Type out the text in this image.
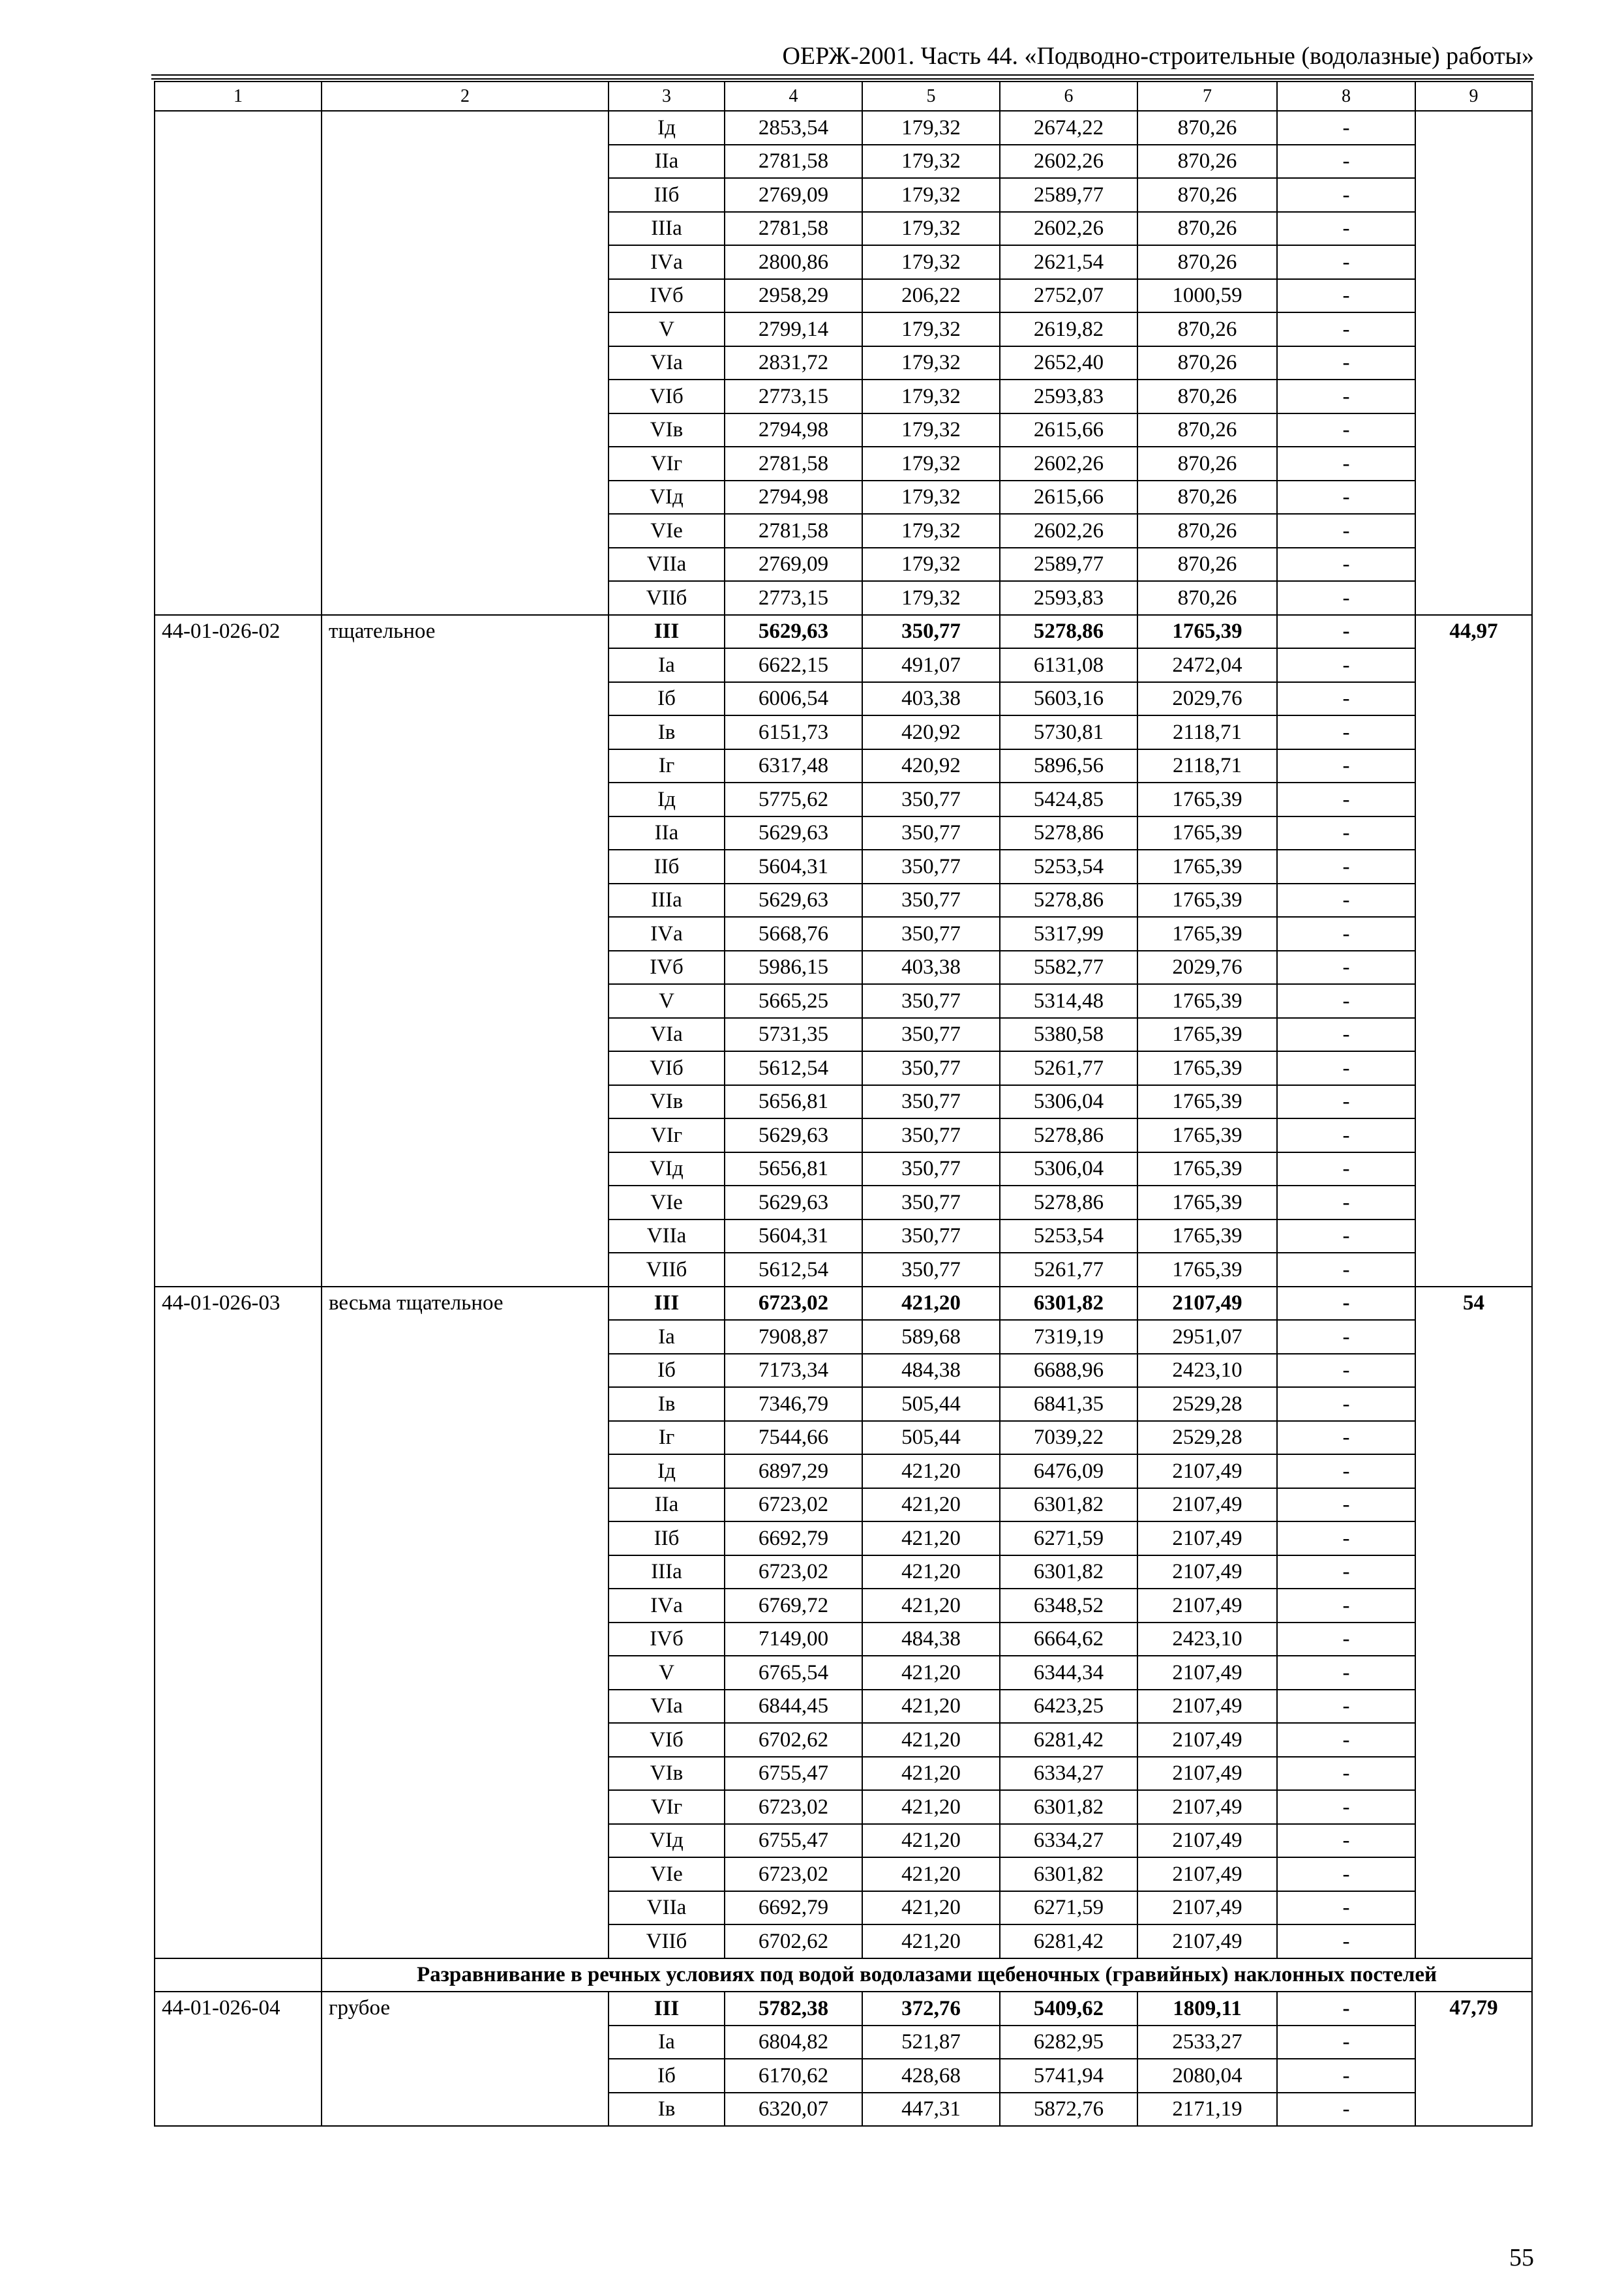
ОЕРЖ-2001. Часть 44. «Подводно-строительные (водолазные) работы»
1	2	3	4	5	6	7	8	9
		Iд	2853,54	179,32	2674,22	870,26	-	
		IIа	2781,58	179,32	2602,26	870,26	-	
		IIб	2769,09	179,32	2589,77	870,26	-	
		IIIа	2781,58	179,32	2602,26	870,26	-	
		IVа	2800,86	179,32	2621,54	870,26	-	
		IVб	2958,29	206,22	2752,07	1000,59	-	
		V	2799,14	179,32	2619,82	870,26	-	
		VIа	2831,72	179,32	2652,40	870,26	-	
		VIб	2773,15	179,32	2593,83	870,26	-	
		VIв	2794,98	179,32	2615,66	870,26	-	
		VIг	2781,58	179,32	2602,26	870,26	-	
		VIд	2794,98	179,32	2615,66	870,26	-	
		VIе	2781,58	179,32	2602,26	870,26	-	
		VIIа	2769,09	179,32	2589,77	870,26	-	
		VIIб	2773,15	179,32	2593,83	870,26	-	
44-01-026-02	тщательное	III	5629,63	350,77	5278,86	1765,39	-	44,97
		Iа	6622,15	491,07	6131,08	2472,04	-	
		Iб	6006,54	403,38	5603,16	2029,76	-	
		Iв	6151,73	420,92	5730,81	2118,71	-	
		Iг	6317,48	420,92	5896,56	2118,71	-	
		Iд	5775,62	350,77	5424,85	1765,39	-	
		IIа	5629,63	350,77	5278,86	1765,39	-	
		IIб	5604,31	350,77	5253,54	1765,39	-	
		IIIа	5629,63	350,77	5278,86	1765,39	-	
		IVа	5668,76	350,77	5317,99	1765,39	-	
		IVб	5986,15	403,38	5582,77	2029,76	-	
		V	5665,25	350,77	5314,48	1765,39	-	
		VIа	5731,35	350,77	5380,58	1765,39	-	
		VIб	5612,54	350,77	5261,77	1765,39	-	
		VIв	5656,81	350,77	5306,04	1765,39	-	
		VIг	5629,63	350,77	5278,86	1765,39	-	
		VIд	5656,81	350,77	5306,04	1765,39	-	
		VIе	5629,63	350,77	5278,86	1765,39	-	
		VIIа	5604,31	350,77	5253,54	1765,39	-	
		VIIб	5612,54	350,77	5261,77	1765,39	-	
44-01-026-03	весьма тщательное	III	6723,02	421,20	6301,82	2107,49	-	54
		Iа	7908,87	589,68	7319,19	2951,07	-	
		Iб	7173,34	484,38	6688,96	2423,10	-	
		Iв	7346,79	505,44	6841,35	2529,28	-	
		Iг	7544,66	505,44	7039,22	2529,28	-	
		Iд	6897,29	421,20	6476,09	2107,49	-	
		IIа	6723,02	421,20	6301,82	2107,49	-	
		IIб	6692,79	421,20	6271,59	2107,49	-	
		IIIа	6723,02	421,20	6301,82	2107,49	-	
		IVа	6769,72	421,20	6348,52	2107,49	-	
		IVб	7149,00	484,38	6664,62	2423,10	-	
		V	6765,54	421,20	6344,34	2107,49	-	
		VIа	6844,45	421,20	6423,25	2107,49	-	
		VIб	6702,62	421,20	6281,42	2107,49	-	
		VIв	6755,47	421,20	6334,27	2107,49	-	
		VIг	6723,02	421,20	6301,82	2107,49	-	
		VIд	6755,47	421,20	6334,27	2107,49	-	
		VIе	6723,02	421,20	6301,82	2107,49	-	
		VIIа	6692,79	421,20	6271,59	2107,49	-	
		VIIб	6702,62	421,20	6281,42	2107,49	-	
	Разравнивание в речных условиях под водой водолазами щебеночных (гравийных) наклонных постелей							
44-01-026-04	грубое	III	5782,38	372,76	5409,62	1809,11	-	47,79
		Iа	6804,82	521,87	6282,95	2533,27	-	
		Iб	6170,62	428,68	5741,94	2080,04	-	
		Iв	6320,07	447,31	5872,76	2171,19	-	
55
